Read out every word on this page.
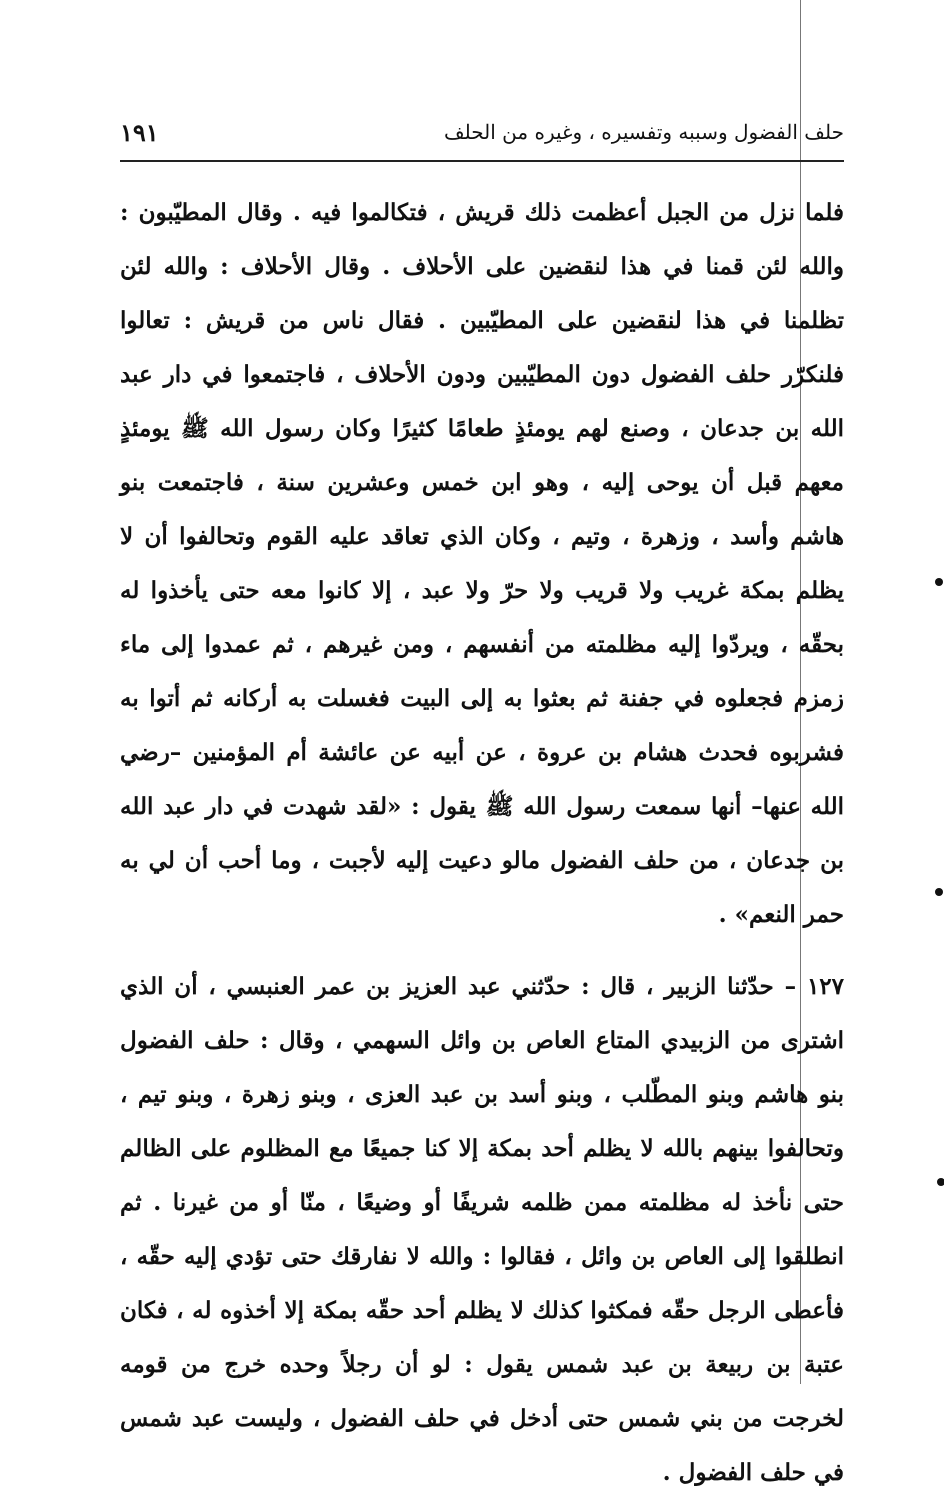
حلف الفضول وسببه وتفسيره ، وغيره من الحلف
١٩١

فلما نزل من الجبل أعظمت ذلك قريش ، فتكالموا فيه . وقال المطيّبون : والله لئن قمنا في هذا لنقضين على الأحلاف . وقال الأحلاف : والله لئن تظلمنا في هذا لنقضين على المطيّبين . فقال ناس من قريش : تعالوا فلنكرّر حلف الفضول دون المطيّبين ودون الأحلاف ، فاجتمعوا في دار عبد الله بن جدعان ، وصنع لهم يومئذٍ طعامًا كثيرًا وكان رسول الله ﷺ يومئذٍ معهم قبل أن يوحى إليه ، وهو ابن خمس وعشرين سنة ، فاجتمعت بنو هاشم وأسد ، وزهرة ، وتيم ، وكان الذي تعاقد عليه القوم وتحالفوا أن لا يظلم بمكة غريب ولا قريب ولا حرّ ولا عبد ، إلا كانوا معه حتى يأخذوا له بحقّه ، ويردّوا إليه مظلمته من أنفسهم ، ومن غيرهم ، ثم عمدوا إلى ماء زمزم فجعلوه في جفنة ثم بعثوا به إلى البيت فغسلت به أركانه ثم أتوا به فشربوه فحدث هشام بن عروة ، عن أبيه عن عائشة أم المؤمنين –رضي الله عنها– أنها سمعت رسول الله ﷺ يقول : «لقد شهدت في دار عبد الله بن جدعان ، من حلف الفضول مالو دعيت إليه لأجبت ، وما أحب أن لي به حمر النعم» .

١٢٧ – حدّثنا الزبير ، قال : حدّثني عبد العزيز بن عمر العنبسي ، أن الذي اشترى من الزبيدي المتاع العاص بن وائل السهمي ، وقال : حلف الفضول بنو هاشم وبنو المطّلب ، وبنو أسد بن عبد العزى ، وبنو زهرة ، وبنو تيم ، وتحالفوا بينهم بالله لا يظلم أحد بمكة إلا كنا جميعًا مع المظلوم على الظالم حتى نأخذ له مظلمته ممن ظلمه شريفًا أو وضيعًا ، منّا أو من غيرنا . ثم انطلقوا إلى العاص بن وائل ، فقالوا : والله لا نفارقك حتى تؤدي إليه حقّه ، فأعطى الرجل حقّه فمكثوا كذلك لا يظلم أحد حقّه بمكة إلا أخذوه له ، فكان عتبة بن ربيعة بن عبد شمس يقول : لو أن رجلاً وحده خرج من قومه لخرجت من بني شمس حتى أدخل في حلف الفضول ، وليست عبد شمس في حلف الفضول .
